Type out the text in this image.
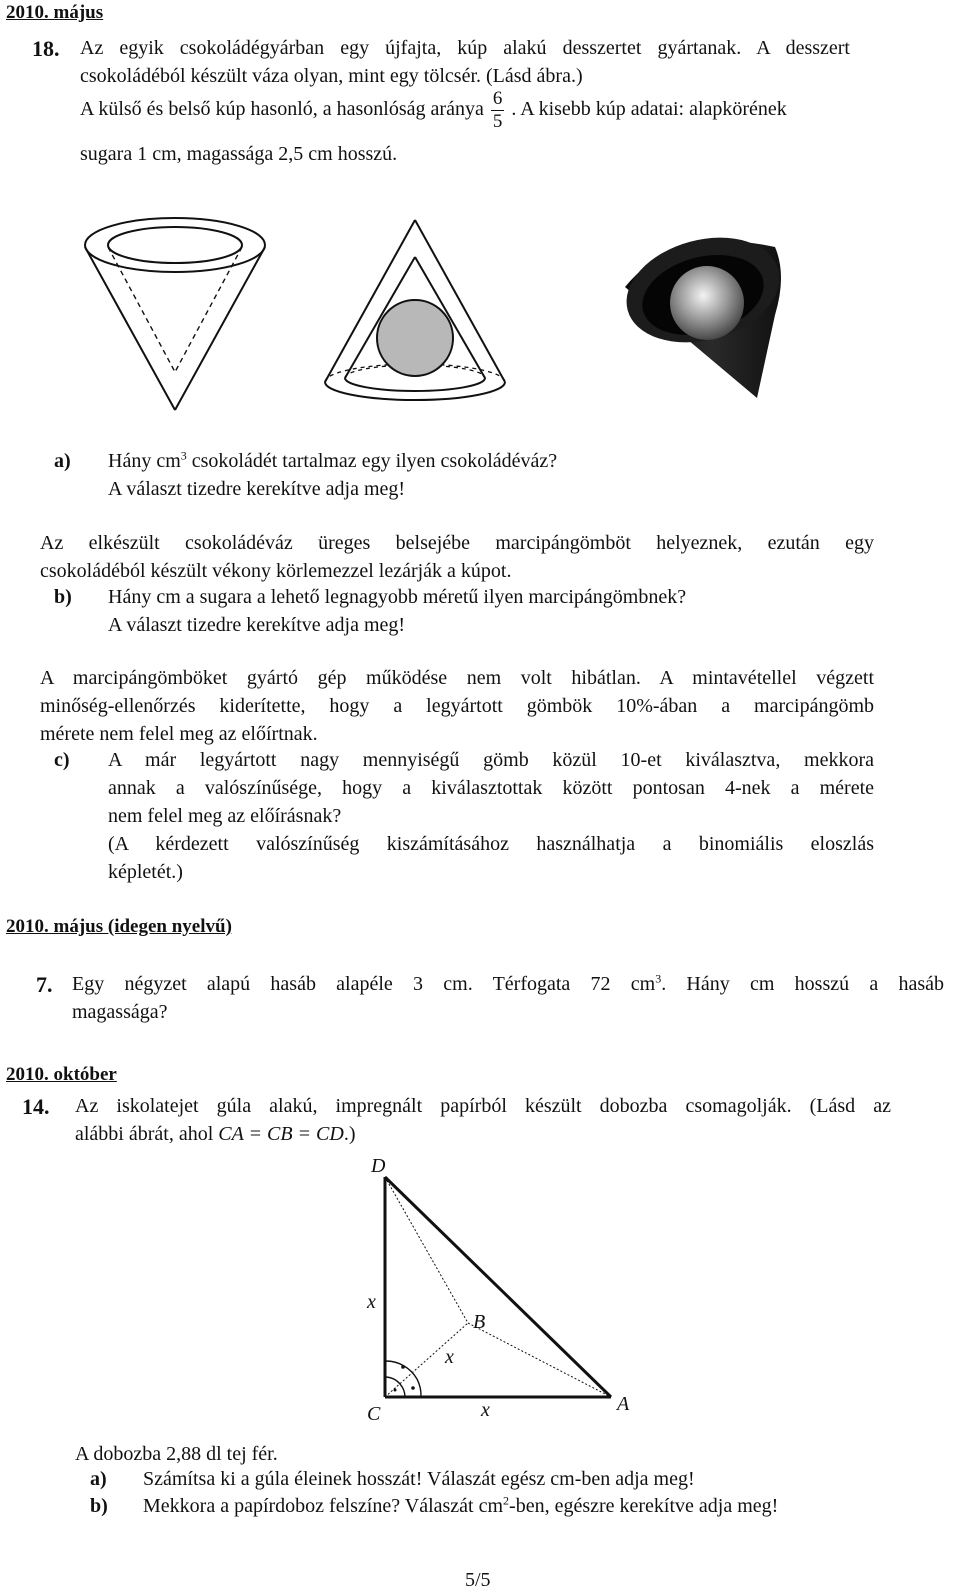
2010. május
18. Az egyik csokoládégyárban egy újfajta, kúp alakú desszertet gyártanak. A desszert
csokoládéból készült váza olyan, mint egy tölcsér. (Lásd ábra.)
A külső és belső kúp hasonló, a hasonlóság aránya $\frac{6}{5}$ . A kisebb kúp adatai: alapkörének
sugara 1 cm, magassága 2,5 cm hosszú.
a) Hány $cm^3$ csokoládét tartalmaz egy ilyen csokoládéváz?
A választ tizedre kerekítve adja meg!
Az elkészült csokoládéváz üreges belsejébe marcipángömböt helyeznek, ezután egy
csokoládéból készült vékony körlemezzel lezárják a kúpot.
b) Hány cm a sugara a lehető legnagyobb méretű ilyen marcipángömbnek?
A választ tizedre kerekítve adja meg!
A marcipángömböket gyártó gép működése nem volt hibátlan. A mintavétellel végzett
minőség-ellenőrzés kiderítette, hogy a legyártott gömbök 10%-ában a marcipángömb
mérete nem felel meg az előírtnak.
c) A már legyártott nagy mennyiségű gömb közül 10-et kiválasztva, mekkora
annak a valószínűsége, hogy a kiválasztottak között pontosan 4-nek a mérete
nem felel meg az előírásnak?
(A kérdezett valószínűség kiszámításához használhatja a binomiális eloszlás
képletét.)
2010. május (idegen nyelvű)
7. Egy négyzet alapú hasáb alapéle 3 cm. Térfogata 72 $cm^3$. Hány cm hosszú a hasáb
magassága?
2010. október
14. Az iskolatejet gúla alakú, impregnált papírból készült dobozba csomagolják. (Lásd az
alábbi ábrát, ahol CA = CB = CD.)
D
C	A
B
x
x
x
A dobozba 2,88 dl tej fér.
a) Számítsa ki a gúla éleinek hosszát! Válaszát egész cm-ben adja meg!
b) Mekkora a papírdoboz felszíne? Válaszát $cm^2$-ben, egészre kerekítve adja meg!
5/5
